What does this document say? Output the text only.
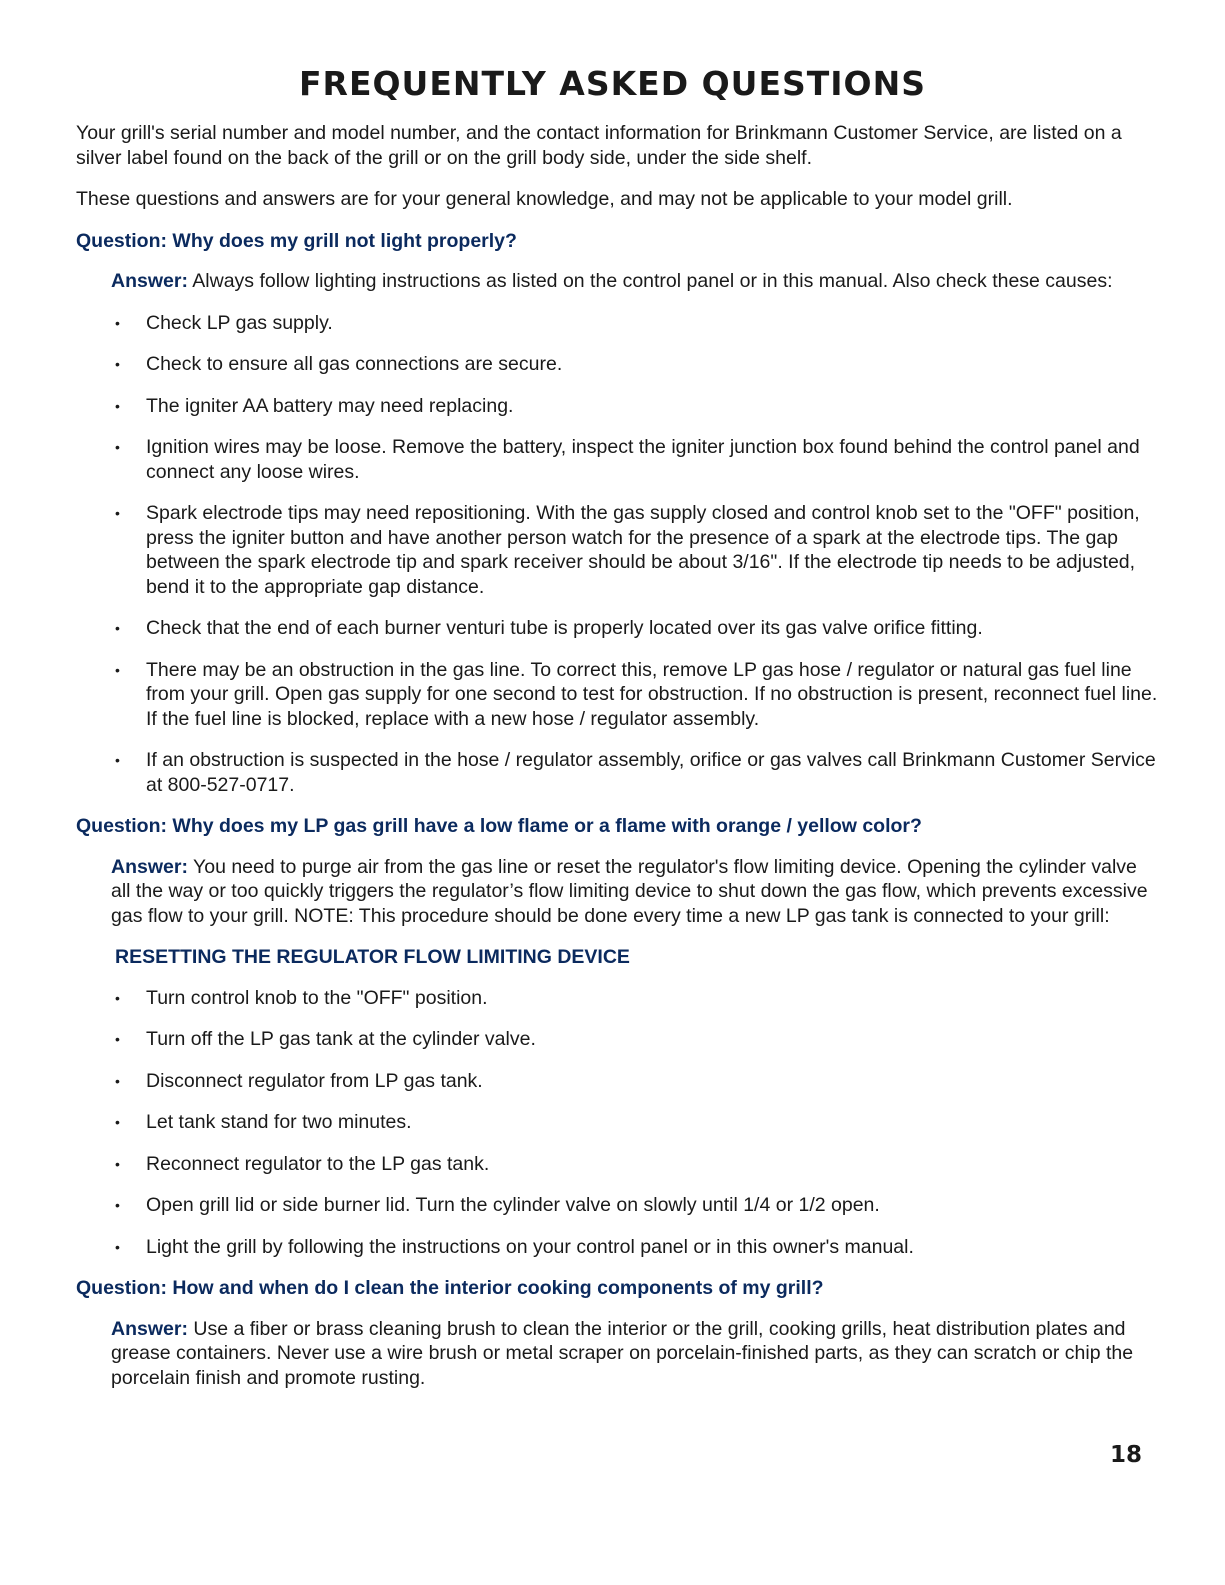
FREQUENTLY ASKED QUESTIONS

Your grill's serial number and model number, and the contact information for Brinkmann Customer Service, are listed on a silver label found on the back of the grill or on the grill body side, under the side shelf.

These questions and answers are for your general knowledge, and may not be applicable to your model grill.

Question: Why does my grill not light properly?

Answer: Always follow lighting instructions as listed on the control panel or in this manual. Also check these causes:

• Check LP gas supply.
• Check to ensure all gas connections are secure.
• The igniter AA battery may need replacing.
• Ignition wires may be loose. Remove the battery, inspect the igniter junction box found behind the control panel and connect any loose wires.
• Spark electrode tips may need repositioning. With the gas supply closed and control knob set to the "OFF" position, press the igniter button and have another person watch for the presence of a spark at the electrode tips. The gap between the spark electrode tip and spark receiver should be about 3/16". If the electrode tip needs to be adjusted, bend it to the appropriate gap distance.
• Check that the end of each burner venturi tube is properly located over its gas valve orifice fitting.
• There may be an obstruction in the gas line. To correct this, remove LP gas hose / regulator or natural gas fuel line from your grill. Open gas supply for one second to test for obstruction. If no obstruction is present, reconnect fuel line. If the fuel line is blocked, replace with a new hose / regulator assembly.
• If an obstruction is suspected in the hose / regulator assembly, orifice or gas valves call Brinkmann Customer Service at 800-527-0717.

Question: Why does my LP gas grill have a low flame or a flame with orange / yellow color?

Answer: You need to purge air from the gas line or reset the regulator's flow limiting device. Opening the cylinder valve all the way or too quickly triggers the regulator’s flow limiting device to shut down the gas flow, which prevents excessive gas flow to your grill. NOTE: This procedure should be done every time a new LP gas tank is connected to your grill:

RESETTING THE REGULATOR FLOW LIMITING DEVICE

• Turn control knob to the "OFF" position.
• Turn off the LP gas tank at the cylinder valve.
• Disconnect regulator from LP gas tank.
• Let tank stand for two minutes.
• Reconnect regulator to the LP gas tank.
• Open grill lid or side burner lid. Turn the cylinder valve on slowly until 1/4 or 1/2 open.
• Light the grill by following the instructions on your control panel or in this owner's manual.

Question: How and when do I clean the interior cooking components of my grill?

Answer: Use a fiber or brass cleaning brush to clean the interior or the grill, cooking grills, heat distribution plates and grease containers. Never use a wire brush or metal scraper on porcelain-finished parts, as they can scratch or chip the porcelain finish and promote rusting.

18
